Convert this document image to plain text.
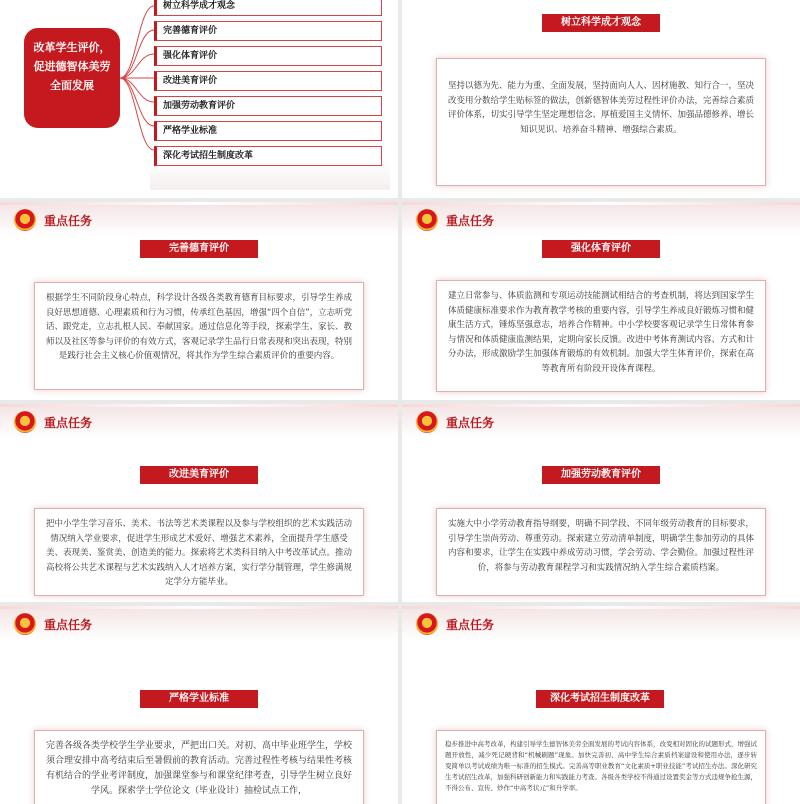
改革学生评价，促进德智体美劳全面发展
树立科学成才观念
完善德育评价
强化体育评价
改进美育评价
加强劳动教育评价
严格学业标准
深化考试招生制度改革
树立科学成才观念
坚持以德为先、能力为重、全面发展，坚持面向人人、因材施教、知行合一，坚决改变用分数给学生贴标签的做法，创新德智体美劳过程性评价办法，完善综合素质评价体系，切实引导学生坚定理想信念、厚植爱国主义情怀、加强品德修养、增长知识见识、培养奋斗精神、增强综合素质。
重点任务
完善德育评价
根据学生不同阶段身心特点，科学设计各级各类教育德育目标要求，引导学生养成良好思想道德、心理素质和行为习惯，传承红色基因，增强“四个自信”，立志听党话、跟党走，立志扎根人民、奉献国家。通过信息化等手段，探索学生、家长、教师以及社区等参与评价的有效方式，客观记录学生品行日常表现和突出表现，特别是践行社会主义核心价值观情况，将其作为学生综合素质评价的重要内容。
重点任务
强化体育评价
建立日常参与、体质监测和专项运动技能测试相结合的考查机制，将达到国家学生体质健康标准要求作为教育教学考核的重要内容，引导学生养成良好锻炼习惯和健康生活方式，锤炼坚强意志，培养合作精神。中小学校要客观记录学生日常体育参与情况和体质健康监测结果，定期向家长反馈。改进中考体育测试内容、方式和计分办法，形成激励学生加强体育锻炼的有效机制。加强大学生体育评价，探索在高等教育所有阶段开设体育课程。
重点任务
改进美育评价
把中小学生学习音乐、美术、书法等艺术类课程以及参与学校组织的艺术实践活动情况纳入学业要求，促进学生形成艺术爱好、增强艺术素养，全面提升学生感受美、表现美、鉴赏美、创造美的能力。探索将艺术类科目纳入中考改革试点。推动高校将公共艺术课程与艺术实践纳入人才培养方案，实行学分制管理，学生修满规定学分方能毕业。
重点任务
加强劳动教育评价
实施大中小学劳动教育指导纲要，明确不同学段、不同年级劳动教育的目标要求，引导学生崇尚劳动、尊重劳动。探索建立劳动清单制度，明确学生参加劳动的具体内容和要求，让学生在实践中养成劳动习惯，学会劳动、学会勤俭。加强过程性评价，将参与劳动教育课程学习和实践情况纳入学生综合素质档案。
重点任务
严格学业标准
完善各级各类学校学生学业要求，严把出口关。对初、高中毕业班学生，学校须合理安排中高考结束后至暑假前的教育活动。完善过程性考核与结果性考核有机结合的学业考评制度，加强课堂参与和课堂纪律考查，引导学生树立良好学风。探索学士学位论文（毕业设计）抽检试点工作，
重点任务
深化考试招生制度改革
稳步推进中高考改革，构建引导学生德智体美劳全面发展的考试内容体系，改变相对固化的试题形式，增强试题开放性，减少死记硬背和“机械刷题”现象。加快完善初、高中学生综合素质档案建设和使用办法，逐步转变简单以考试成绩为唯一标准的招生模式。完善高等职业教育“文化素质+职业技能”考试招生办法。深化研究生考试招生改革，加强科研创新能力和实践能力考查。各级各类学校不得通过设置奖金等方式违规争抢生源，不得公布、宣传、炒作“中高考状元”和升学率。
